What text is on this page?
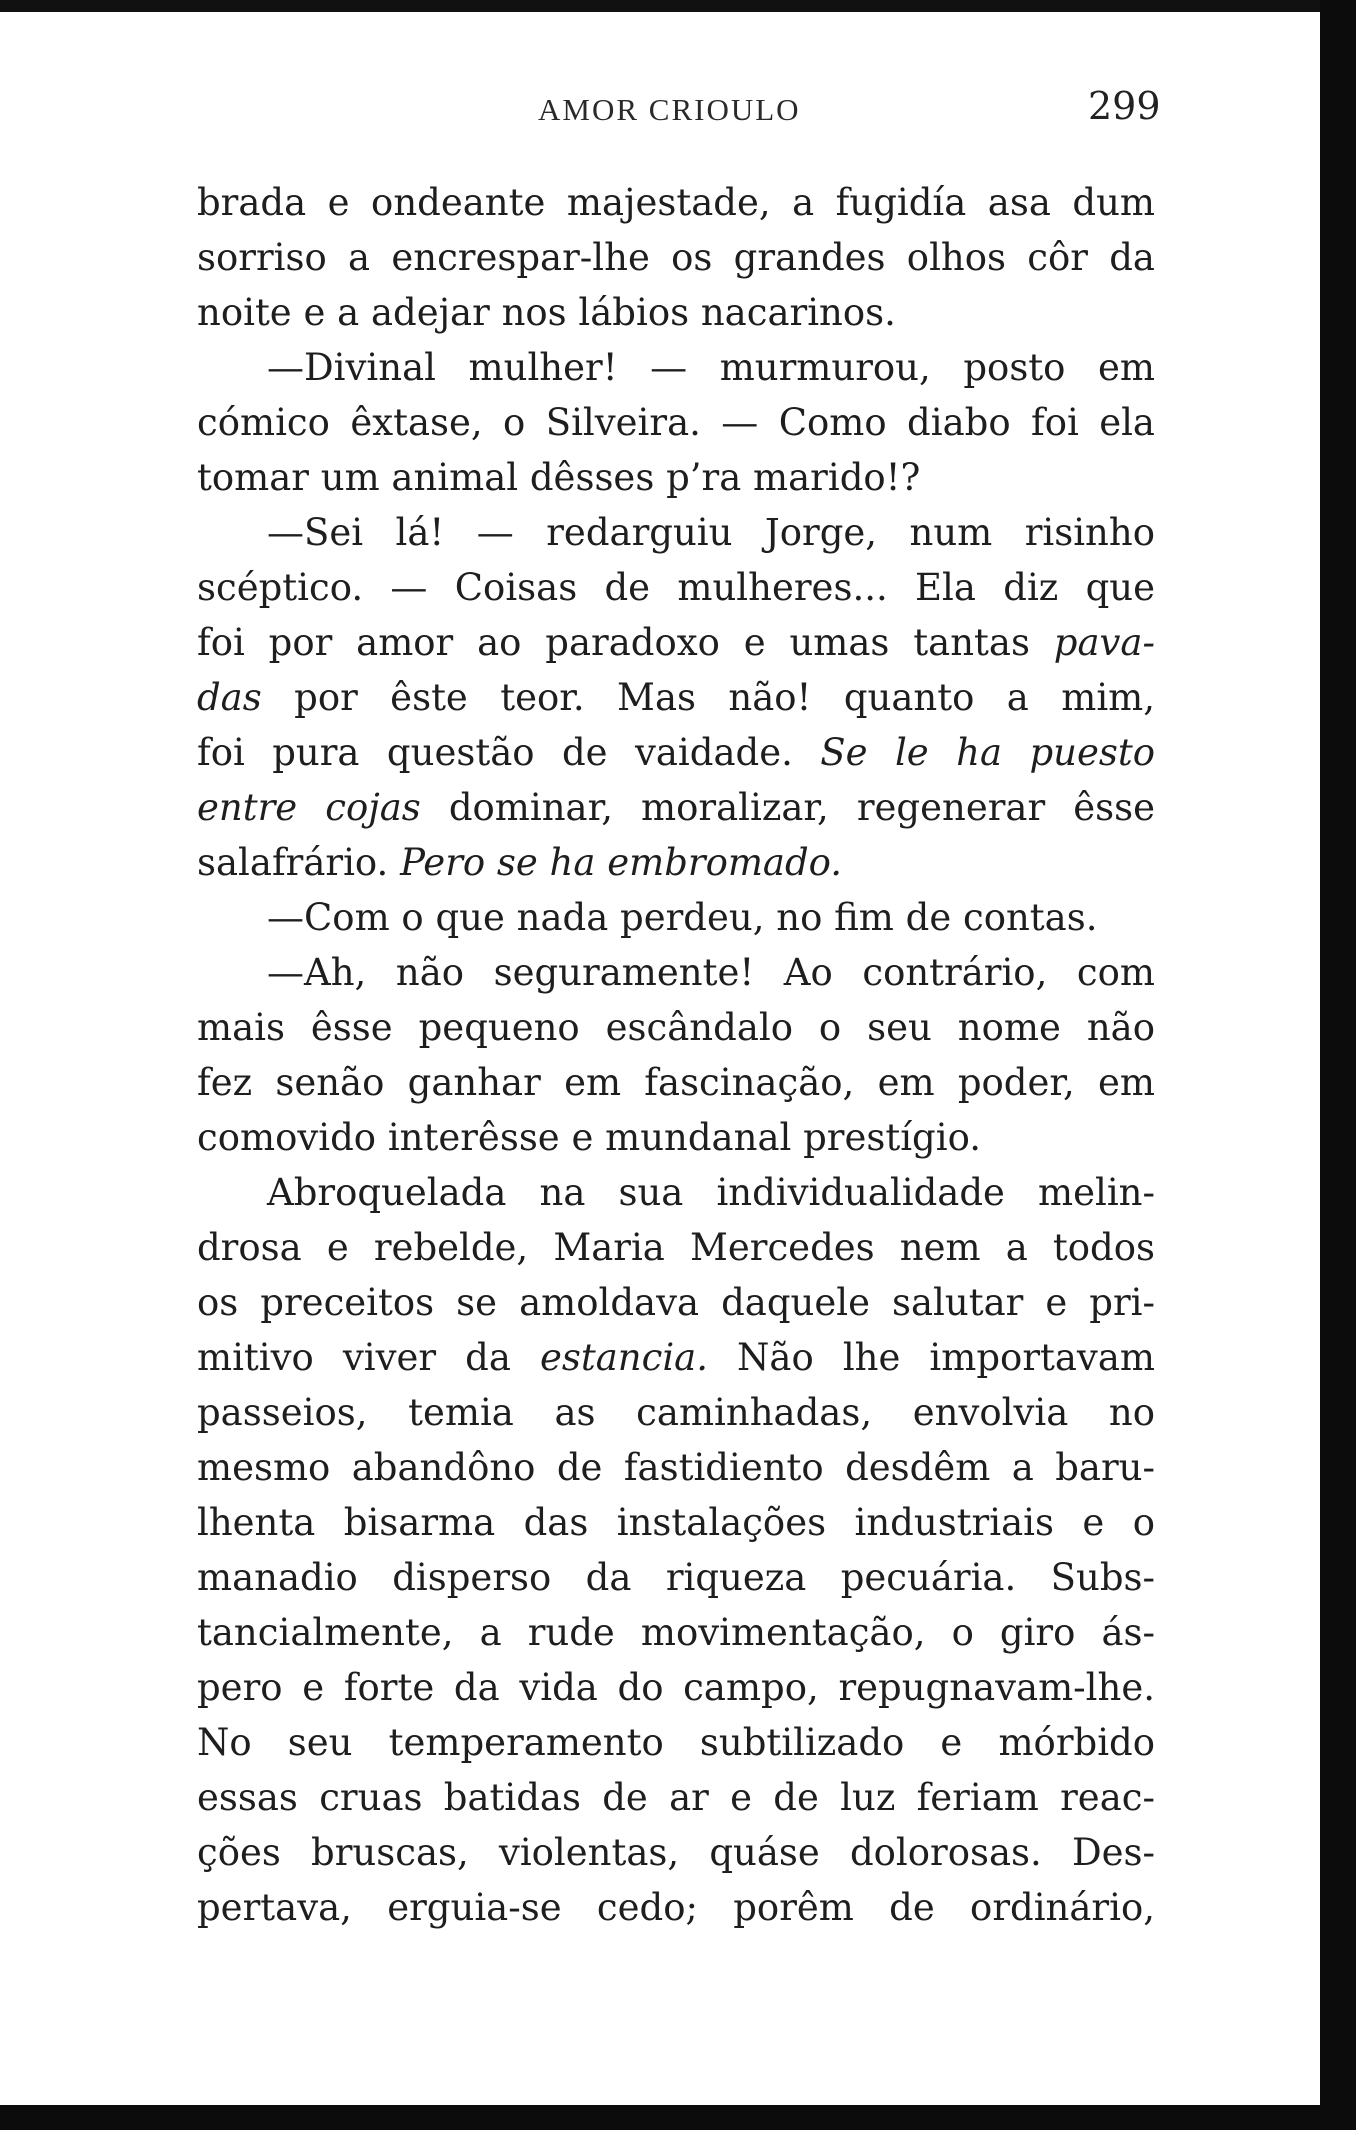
AMOR CRIOULO	299
brada e ondeante majestade, a fugidía asa dum
sorriso a encrespar-lhe os grandes olhos côr da
noite e a adejar nos lábios nacarinos.
—Divinal mulher! — murmurou, posto em
cómico êxtase, o Silveira. — Como diabo foi ela
tomar um animal dêsses p’ra marido!?
—Sei lá! — redarguiu Jorge, num risinho
scéptico. — Coisas de mulheres... Ela diz que
foi por amor ao paradoxo e umas tantas pava-
das por êste teor. Mas não! quanto a mim,
foi pura questão de vaidade. Se le ha puesto
entre cojas dominar, moralizar, regenerar êsse
salafrário. Pero se ha embromado.
—Com o que nada perdeu, no fim de contas.
—Ah, não seguramente! Ao contrário, com
mais êsse pequeno escândalo o seu nome não
fez senão ganhar em fascinação, em poder, em
comovido interêsse e mundanal prestígio.
Abroquelada na sua individualidade melin-
drosa e rebelde, Maria Mercedes nem a todos
os preceitos se amoldava daquele salutar e pri-
mitivo viver da estancia. Não lhe importavam
passeios, temia as caminhadas, envolvia no
mesmo abandôno de fastidiento desdêm a baru-
lhenta bisarma das instalações industriais e o
manadio disperso da riqueza pecuária. Subs-
tancialmente, a rude movimentação, o giro ás-
pero e forte da vida do campo, repugnavam-lhe.
No seu temperamento subtilizado e mórbido
essas cruas batidas de ar e de luz feriam reac-
ções bruscas, violentas, quáse dolorosas. Des-
pertava, erguia-se cedo; porêm de ordinário,
